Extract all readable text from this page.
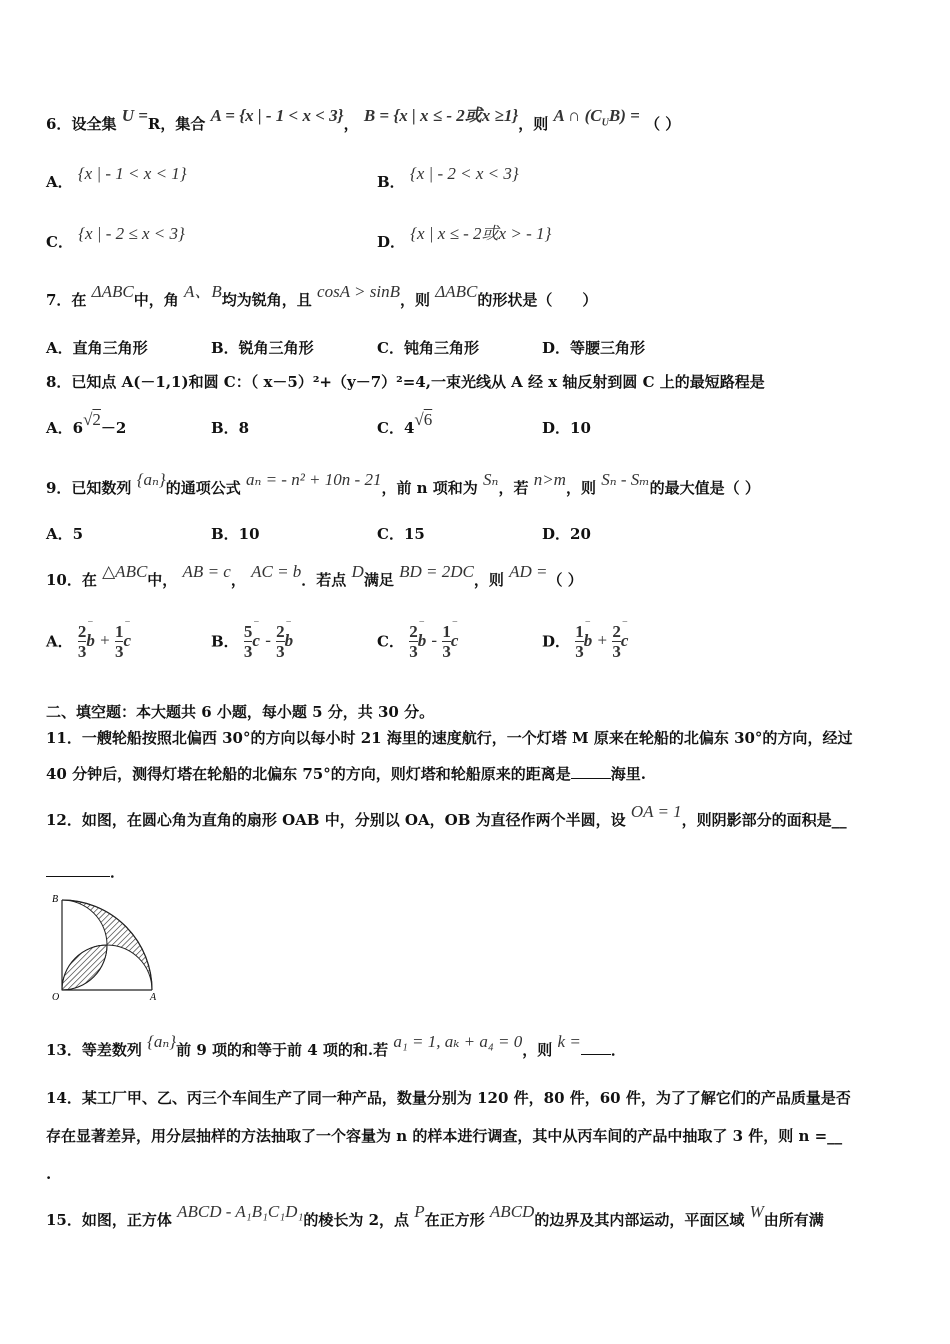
6．设全集 U =R，集合 A = {x | - 1 < x < 3}， B = {x | x ≤ - 2或x ≥1}，则 A ∩ $(C_UB)$ = （ ）
A． {x | - 1 < x < 1}	B． {x | - 2 < x < 3}
C． {x | - 2 ≤ x < 3}	D． {x | x ≤ - 2或x > - 1}
7．在 ΔABC中，角 A、B均为锐角，且 cosA > sinB，则 ΔABC的形状是（　　）
A．直角三角形	B．锐角三角形	C．钝角三角形	D．等腰三角形
8．已知点 A(－1,1)和圆 C：（ x－5）²+（y－7）²=4,一束光线从 A 经 x 轴反射到圆 C 上的最短路程是
A．6√2－2	B．8	C．4√6	D．10
9．已知数列 {aₙ}的通项公式 aₙ = - n² + 10n - 21，前 n 项和为 Sₙ，若 n>m，则 Sₙ - Sₘ的最大值是（ ）
A．5	B．10	C．15	D．20
10．在 △ABC中， AB = c， AC = b．若点 D满足 BD = 2DC，则 AD =（ ）
A． $\frac{2}{3}$ ‾ $b + \frac{1}{3}$ ‾ c	B． $\frac{5}{3}$ ‾ c - $\frac{2}{3}$ ‾ b	C． $\frac{2}{3}$ ‾ b - $\frac{1}{3}$ ‾ c	D． $\frac{1}{3}$ ‾ $b + \frac{2}{3}$ ‾ c
二、填空题：本大题共 6 小题，每小题 5 分，共 30 分。
11．一艘轮船按照北偏西 30°的方向以每小时 21 海里的速度航行，一个灯塔 M 原来在轮船的北偏东 30°的方向，经过
40 分钟后，测得灯塔在轮船的北偏东 75°的方向，则灯塔和轮船原来的距离是	海里.
12．如图，在圆心角为直角的扇形 OAB 中，分别以 OA，OB 为直径作两个半圆，设 OA = 1，则阴影部分的面积是__
．
B
O	A
13．等差数列 {aₙ}前 9 项的和等于前 4 项的和.若 a₁ = 1, aₖ + a₄ = 0，则 k = ．
14．某工厂甲、乙、丙三个车间生产了同一种产品，数量分别为 120 件，80 件，60 件，为了了解它们的产品质量是否
存在显著差异，用分层抽样的方法抽取了一个容量为 n 的样本进行调查，其中从丙车间的产品中抽取了 3 件，则 n =__
.
15．如图，正方体 ABCD - A₁B₁C₁D₁的棱长为 2，点 P在正方形 ABCD的边界及其内部运动，平面区域 W由所有满
